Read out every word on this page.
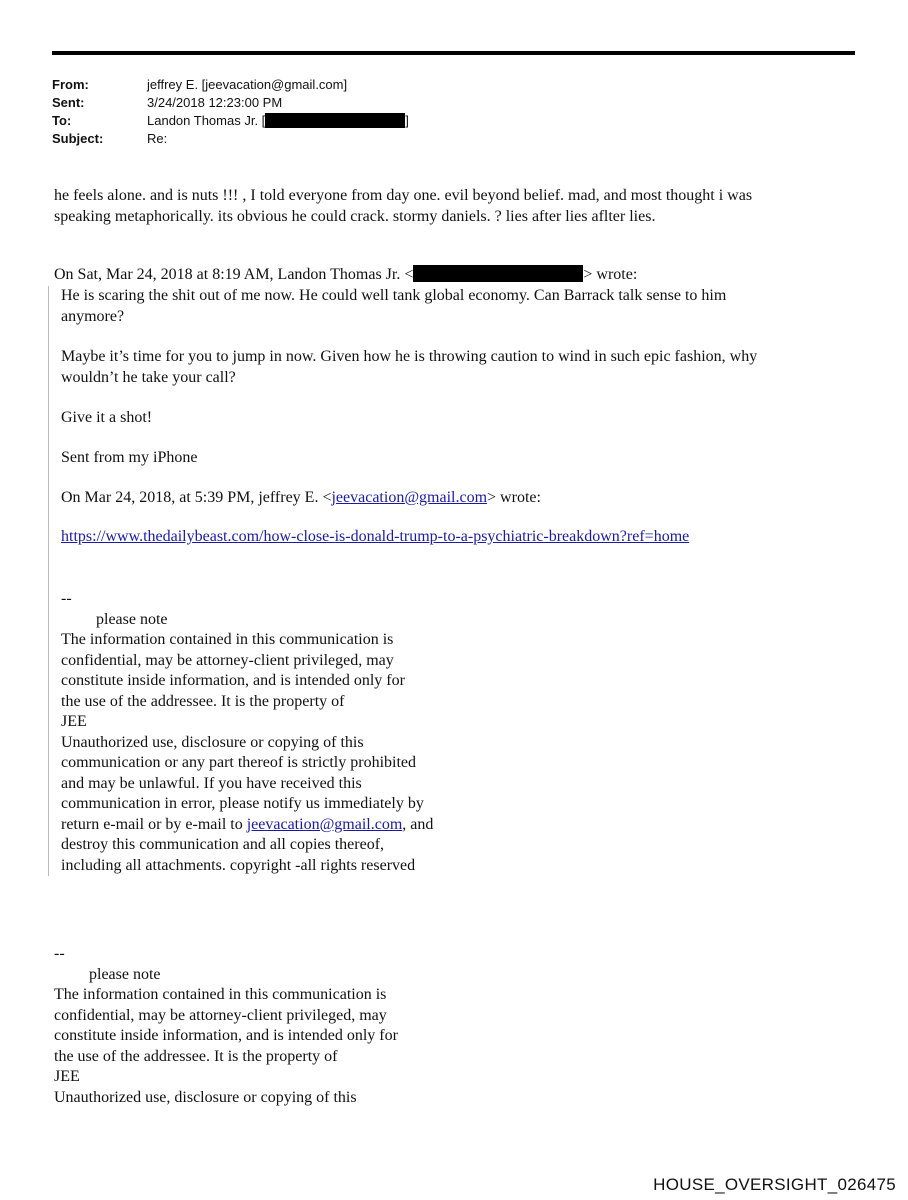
From:	jeffrey E. [jeevacation@gmail.com]
Sent:	3/24/2018 12:23:00 PM
To:	Landon Thomas Jr. [	]
Subject:	Re:
he feels alone. and is nuts !!! , I told everyone from day one. evil beyond belief. mad, and most thought i was
speaking metaphorically. its obvious he could crack. stormy daniels. ? lies after lies aflter lies.
On Sat, Mar 24, 2018 at 8:19 AM, Landon Thomas Jr. <	> wrote:
He is scaring the shit out of me now. He could well tank global economy. Can Barrack talk sense to him
anymore?
Maybe it’s time for you to jump in now. Given how he is throwing caution to wind in such epic fashion, why
wouldn’t he take your call?
Give it a shot!
Sent from my iPhone
On Mar 24, 2018, at 5:39 PM, jeffrey E. <jeevacation@gmail.com> wrote:
https://www.thedailybeast.com/how-close-is-donald-trump-to-a-psychiatric-breakdown?ref=home
--
please note
The information contained in this communication is
confidential, may be attorney-client privileged, may
constitute inside information, and is intended only for
the use of the addressee. It is the property of
JEE
Unauthorized use, disclosure or copying of this
communication or any part thereof is strictly prohibited
and may be unlawful. If you have received this
communication in error, please notify us immediately by
return e-mail or by e-mail to jeevacation@gmail.com, and
destroy this communication and all copies thereof,
including all attachments. copyright -all rights reserved
--
please note
The information contained in this communication is
confidential, may be attorney-client privileged, may
constitute inside information, and is intended only for
the use of the addressee. It is the property of
JEE
Unauthorized use, disclosure or copying of this
HOUSE_OVERSIGHT_026475
